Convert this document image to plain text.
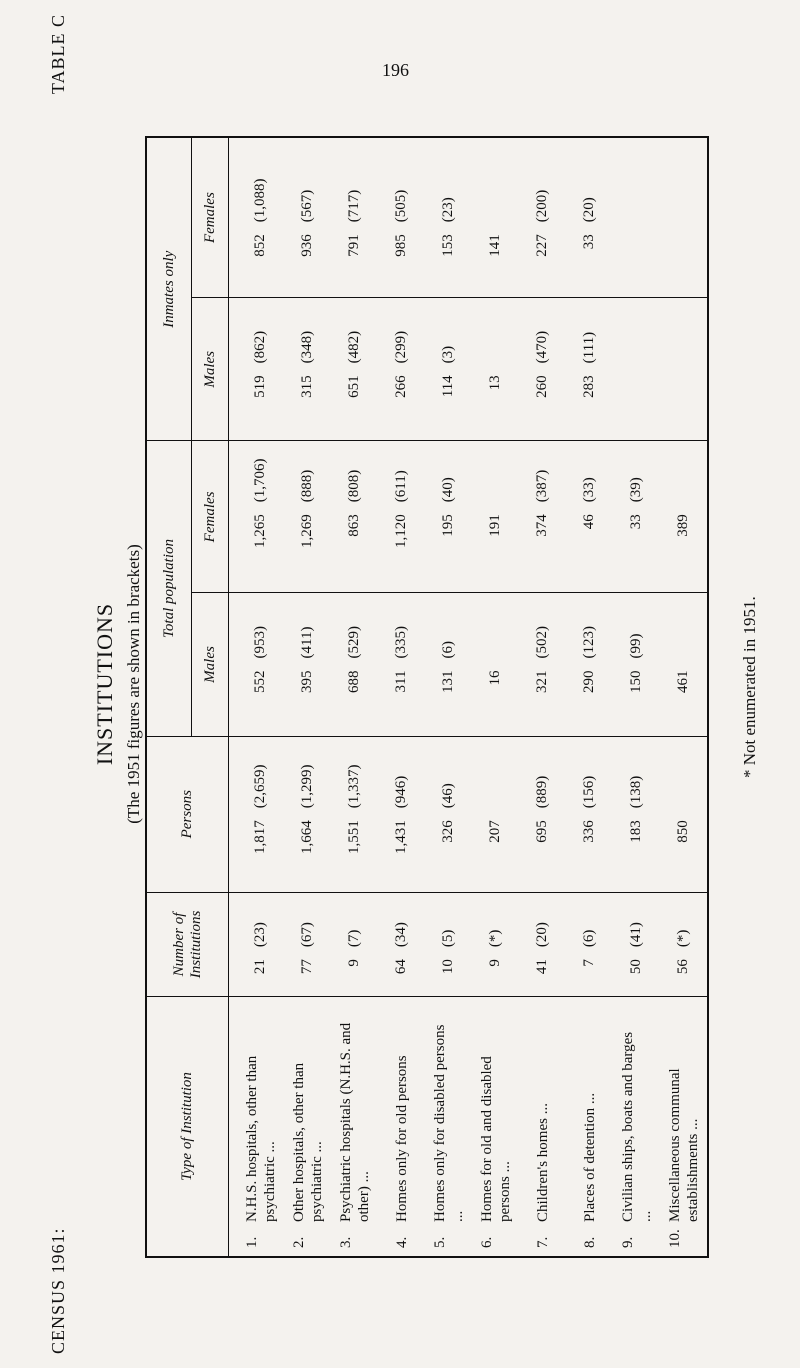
CENSUS 1961:
TABLE C
INSTITUTIONS (The 1951 figures are shown in brackets)
Type of Institution	Number of Institutions		Persons		Total population				Inmates only			
					Males		Females		Males		Females	
1.N.H.S. hospitals, other than psychiatric ...	21	(23)	1,817	(2,659)	552	(953)	1,265	(1,706)	519	(862)	852	(1,088)
2.Other hospitals, other than psychiatric ...	77	(67)	1,664	(1,299)	395	(411)	1,269	(888)	315	(348)	936	(567)
3.Psychiatric hospitals (N.H.S. and other) ...	9	(7)	1,551	(1,337)	688	(529)	863	(808)	651	(482)	791	(717)
4.Homes only for old persons	64	(34)	1,431	(946)	311	(335)	1,120	(611)	266	(299)	985	(505)
5.Homes only for disabled persons ...	10	(5)	326	(46)	131	(6)	195	(40)	114	(3)	153	(23)
6.Homes for old and disabled persons ...	9	(*)	207		16		191		13		141	
7.Children's homes ...	41	(20)	695	(889)	321	(502)	374	(387)	260	(470)	227	(200)
8.Places of detention ...	7	(6)	336	(156)	290	(123)	46	(33)	283	(111)	33	(20)
9.Civilian ships, boats and barges ...	50	(41)	183	(138)	150	(99)	33	(39)				
10.Miscellaneous communal establishments ...	56	(*)	850		461		389					
* Not enumerated in 1951.
196
